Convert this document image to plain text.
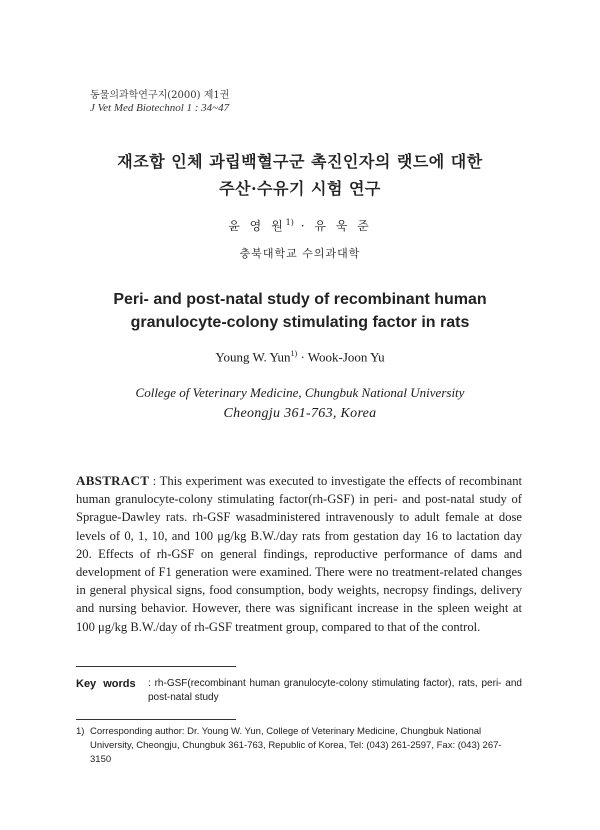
동물의과학연구지(2000) 제1권
J Vet Med Biotechnol 1 : 34~47
재조합 인체 과립백혈구군 촉진인자의 랫드에 대한
주산·수유기 시험 연구
윤 영 원$^{1)}$ · 유 욱 준
충북대학교 수의과대학
Peri- and post-natal study of recombinant human
granulocyte-colony stimulating factor in rats
Young W. Yun$^{1)}$ · Wook-Joon Yu
College of Veterinary Medicine, Chungbuk National University
Cheongju 361-763, Korea
ABSTRACT : This experiment was executed to investigate the effects of recombinant human granulocyte-colony stimulating factor(rh-GSF) in peri- and post-natal study of Sprague-Dawley rats. rh-GSF wasadministered intravenously to adult female at dose levels of 0, 1, 10, and 100 μg/kg B.W./day rats from gestation day 16 to lactation day 20. Effects of rh-GSF on general findings, reproductive performance of dams and development of F1 generation were examined. There were no treatment-related changes in general physical signs, food consumption, body weights, necropsy findings, delivery and nursing behavior. However, there was significant increase in the spleen weight at 100 μg/kg B.W./day of rh-GSF treatment group, compared to that of the control.
Key words : rh-GSF(recombinant human granulocyte-colony stimulating factor), rats, peri- and post-natal study
1) Corresponding author: Dr. Young W. Yun, College of Veterinary Medicine, Chungbuk National University, Cheongju, Chungbuk 361-763, Republic of Korea, Tel: (043) 261-2597, Fax: (043) 267-3150
